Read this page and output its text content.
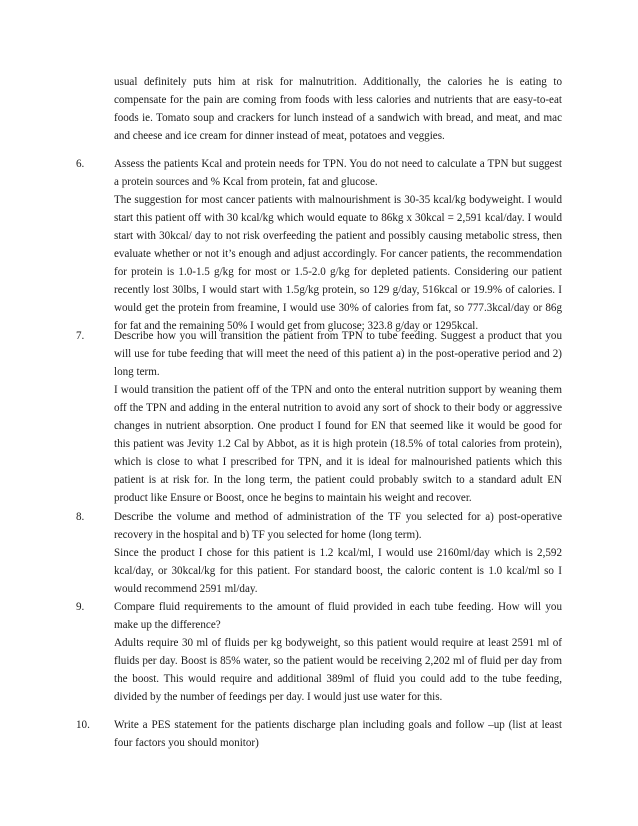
usual definitely puts him at risk for malnutrition. Additionally, the calories he is eating to compensate for the pain are coming from foods with less calories and nutrients that are easy-to-eat foods ie. Tomato soup and crackers for lunch instead of a sandwich with bread, and meat, and mac and cheese and ice cream for dinner instead of meat, potatoes and veggies.

6.	Assess the patients Kcal and protein needs for TPN. You do not need to calculate a TPN but suggest a protein sources and % Kcal from protein, fat and glucose.

The suggestion for most cancer patients with malnourishment is 30-35 kcal/kg bodyweight. I would start this patient off with 30 kcal/kg which would equate to 86kg x 30kcal = 2,591 kcal/day. I would start with 30kcal/ day to not risk overfeeding the patient and possibly causing metabolic stress, then evaluate whether or not it’s enough and adjust accordingly. For cancer patients, the recommendation for protein is 1.0-1.5 g/kg for most or 1.5-2.0 g/kg for depleted patients. Considering our patient recently lost 30lbs, I would start with 1.5g/kg protein, so 129 g/day, 516kcal or 19.9% of calories. I would get the protein from freamine, I would use 30% of calories from fat, so 777.3kcal/day or 86g for fat and the remaining 50% I would get from glucose; 323.8 g/day or 1295kcal.

7.	Describe how you will transition the patient from TPN to tube feeding. Suggest a product that you will use for tube feeding that will meet the need of this patient a) in the post-operative period and 2) long term.

I would transition the patient off of the TPN and onto the enteral nutrition support by weaning them off the TPN and adding in the enteral nutrition to avoid any sort of shock to their body or aggressive changes in nutrient absorption. One product I found for EN that seemed like it would be good for this patient was Jevity 1.2 Cal by Abbot, as it is high protein (18.5% of total calories from protein), which is close to what I prescribed for TPN, and it is ideal for malnourished patients which this patient is at risk for. In the long term, the patient could probably switch to a standard adult EN product like Ensure or Boost, once he begins to maintain his weight and recover.

8.	Describe the volume and method of administration of the TF you selected for a) post-operative recovery in the hospital and b) TF you selected for home (long term).

Since the product I chose for this patient is 1.2 kcal/ml, I would use 2160ml/day which is 2,592 kcal/day, or 30kcal/kg for this patient. For standard boost, the caloric content is 1.0 kcal/ml so I would recommend 2591 ml/day.

9.	Compare fluid requirements to the amount of fluid provided in each tube feeding. How will you make up the difference?

Adults require 30 ml of fluids per kg bodyweight, so this patient would require at least 2591 ml of fluids per day. Boost is 85% water, so the patient would be receiving 2,202 ml of fluid per day from the boost. This would require and additional 389ml of fluid you could add to the tube feeding, divided by the number of feedings per day. I would just use water for this.

10. Write a PES statement for the patients discharge plan including goals and follow –up (list at least four factors you should monitor)
